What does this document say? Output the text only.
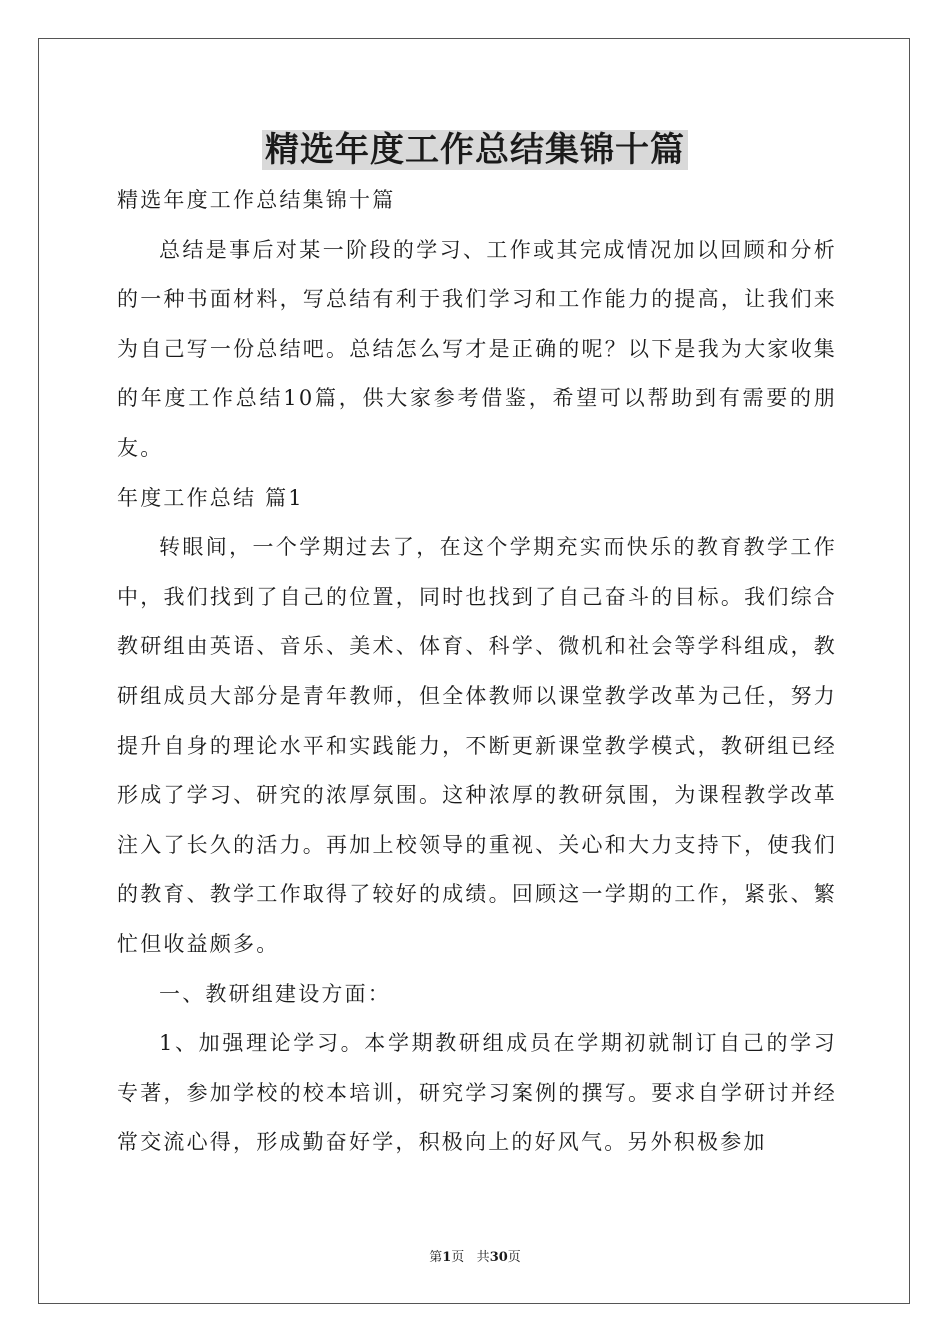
精选年度工作总结集锦十篇

精选年度工作总结集锦十篇

总结是事后对某一阶段的学习、工作或其完成情况加以回顾和分析的一种书面材料，写总结有利于我们学习和工作能力的提高，让我们来为自己写一份总结吧。总结怎么写才是正确的呢？以下是我为大家收集的年度工作总结10篇，供大家参考借鉴，希望可以帮助到有需要的朋友。

年度工作总结 篇1

转眼间，一个学期过去了，在这个学期充实而快乐的教育教学工作中，我们找到了自己的位置，同时也找到了自己奋斗的目标。我们综合教研组由英语、音乐、美术、体育、科学、微机和社会等学科组成，教研组成员大部分是青年教师，但全体教师以课堂教学改革为己任，努力提升自身的理论水平和实践能力，不断更新课堂教学模式，教研组已经形成了学习、研究的浓厚氛围。这种浓厚的教研氛围，为课程教学改革注入了长久的活力。再加上校领导的重视、关心和大力支持下，使我们的教育、教学工作取得了较好的成绩。回顾这一学期的工作，紧张、繁忙但收益颇多。

一、教研组建设方面：

1、加强理论学习。本学期教研组成员在学期初就制订自己的学习专著，参加学校的校本培训，研究学习案例的撰写。要求自学研讨并经常交流心得，形成勤奋好学，积极向上的好风气。另外积极参加

第1页 共30页
